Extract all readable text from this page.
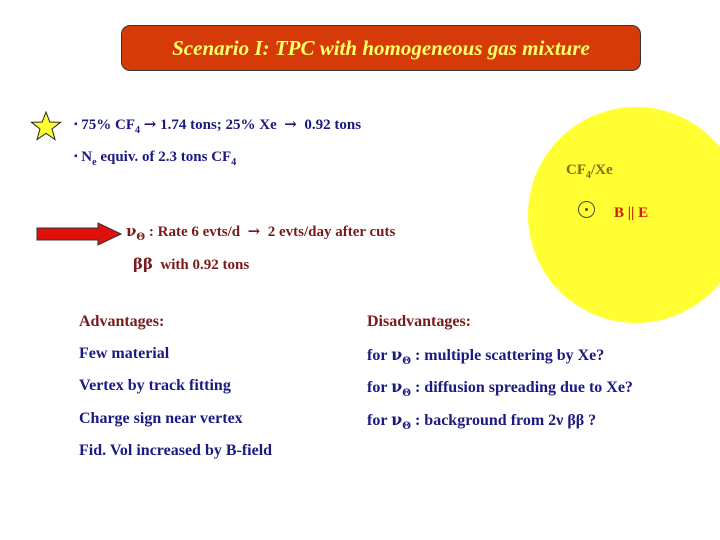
Scenario I: TPC with homogeneous gas mixture
▪ 75% $CF_4 \to 1.74$ tons; 25% Xe → 0.92 tons
▪ $N_e$ equiv. of 2.3 tons $CF_4$	$CF_4/Xe$
B || E
$\nu_\Theta$ : Rate 6 evts/d → 2 evts/day after cuts
ββ with 0.92 tons
Advantages:
Few material
Vertex by track fitting
Charge sign near vertex
Fid. Vol increased by B-field
Disadvantages:
for $\nu_\Theta$ : multiple scattering by Xe?
for $\nu_\Theta$ : diffusion spreading due to Xe?
for $\nu_\Theta$ : background from 2ν ββ ?
